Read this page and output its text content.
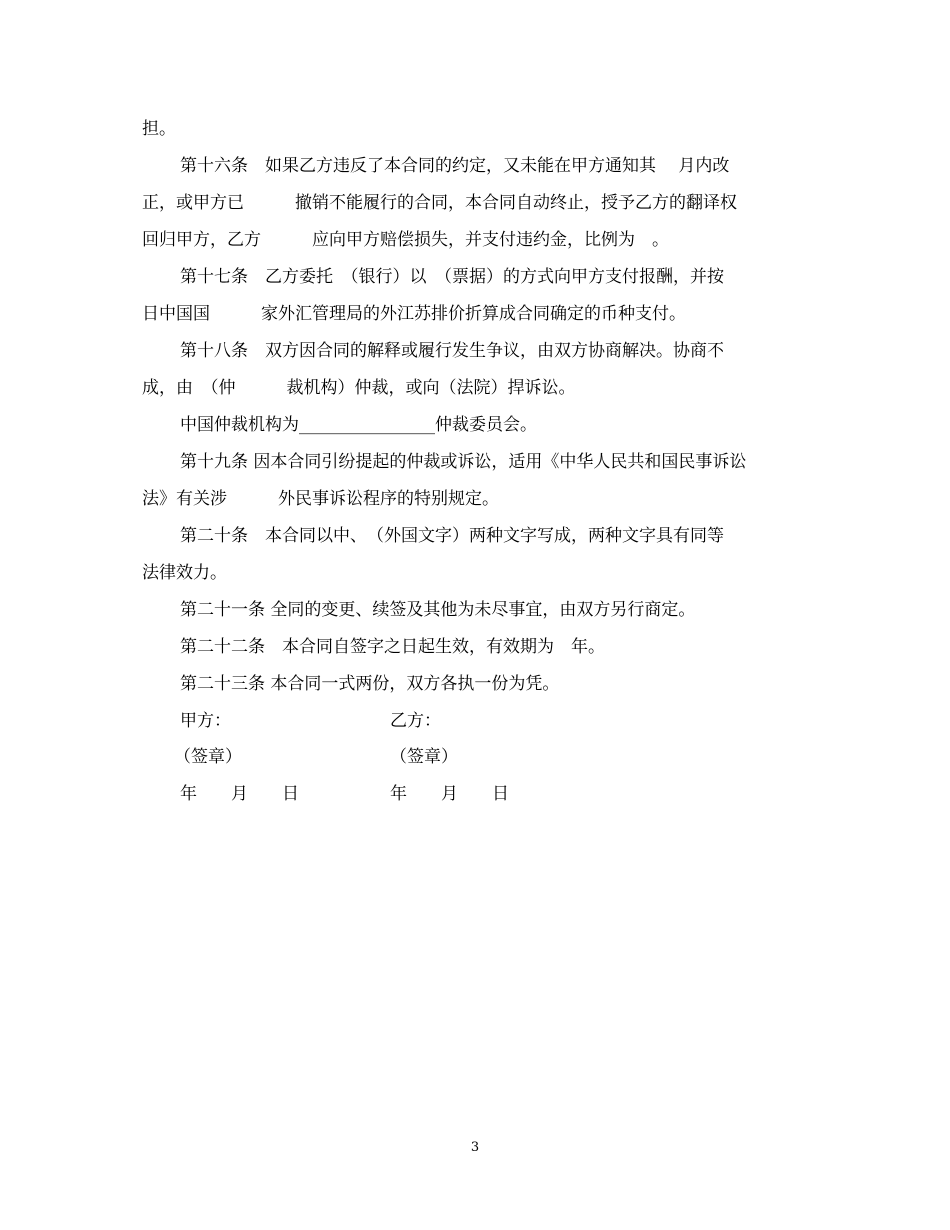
担。
第十六条　如果乙方违反了本合同的约定，又未能在甲方通知其　 月内改
正，或甲方已　　　撤销不能履行的合同，本合同自动终止，授予乙方的翻译权
回归甲方，乙方　　　应向甲方赔偿损失，并支付违约金，比例为　。
第十七条　乙方委托　（银行）以　（票据）的方式向甲方支付报酬，并按
日中国国　　　家外汇管理局的外江苏排价折算成合同确定的币种支付。
第十八条　双方因合同的解释或履行发生争议，由双方协商解决。协商不
成，由　（仲　　　裁机构）仲裁，或向（法院）捍诉讼。
中国仲裁机构为________________仲裁委员会。
第十九条 因本合同引纷提起的仲裁或诉讼，适用《中华人民共和国民事诉讼
法》有关涉　　　外民事诉讼程序的特别规定。
第二十条　本合同以中、　（外国文字）两种文字写成，两种文字具有同等
法律效力。
第二十一条 全同的变更、续签及其他为未尽事宜，由双方另行商定。
第二十二条　本合同自签字之日起生效，有效期为　年。
第二十三条 本合同一式两份，双方各执一份为凭。
甲方：	乙方：
（签章）	（签章）
年　　月　　日	年　　月　　日
3
